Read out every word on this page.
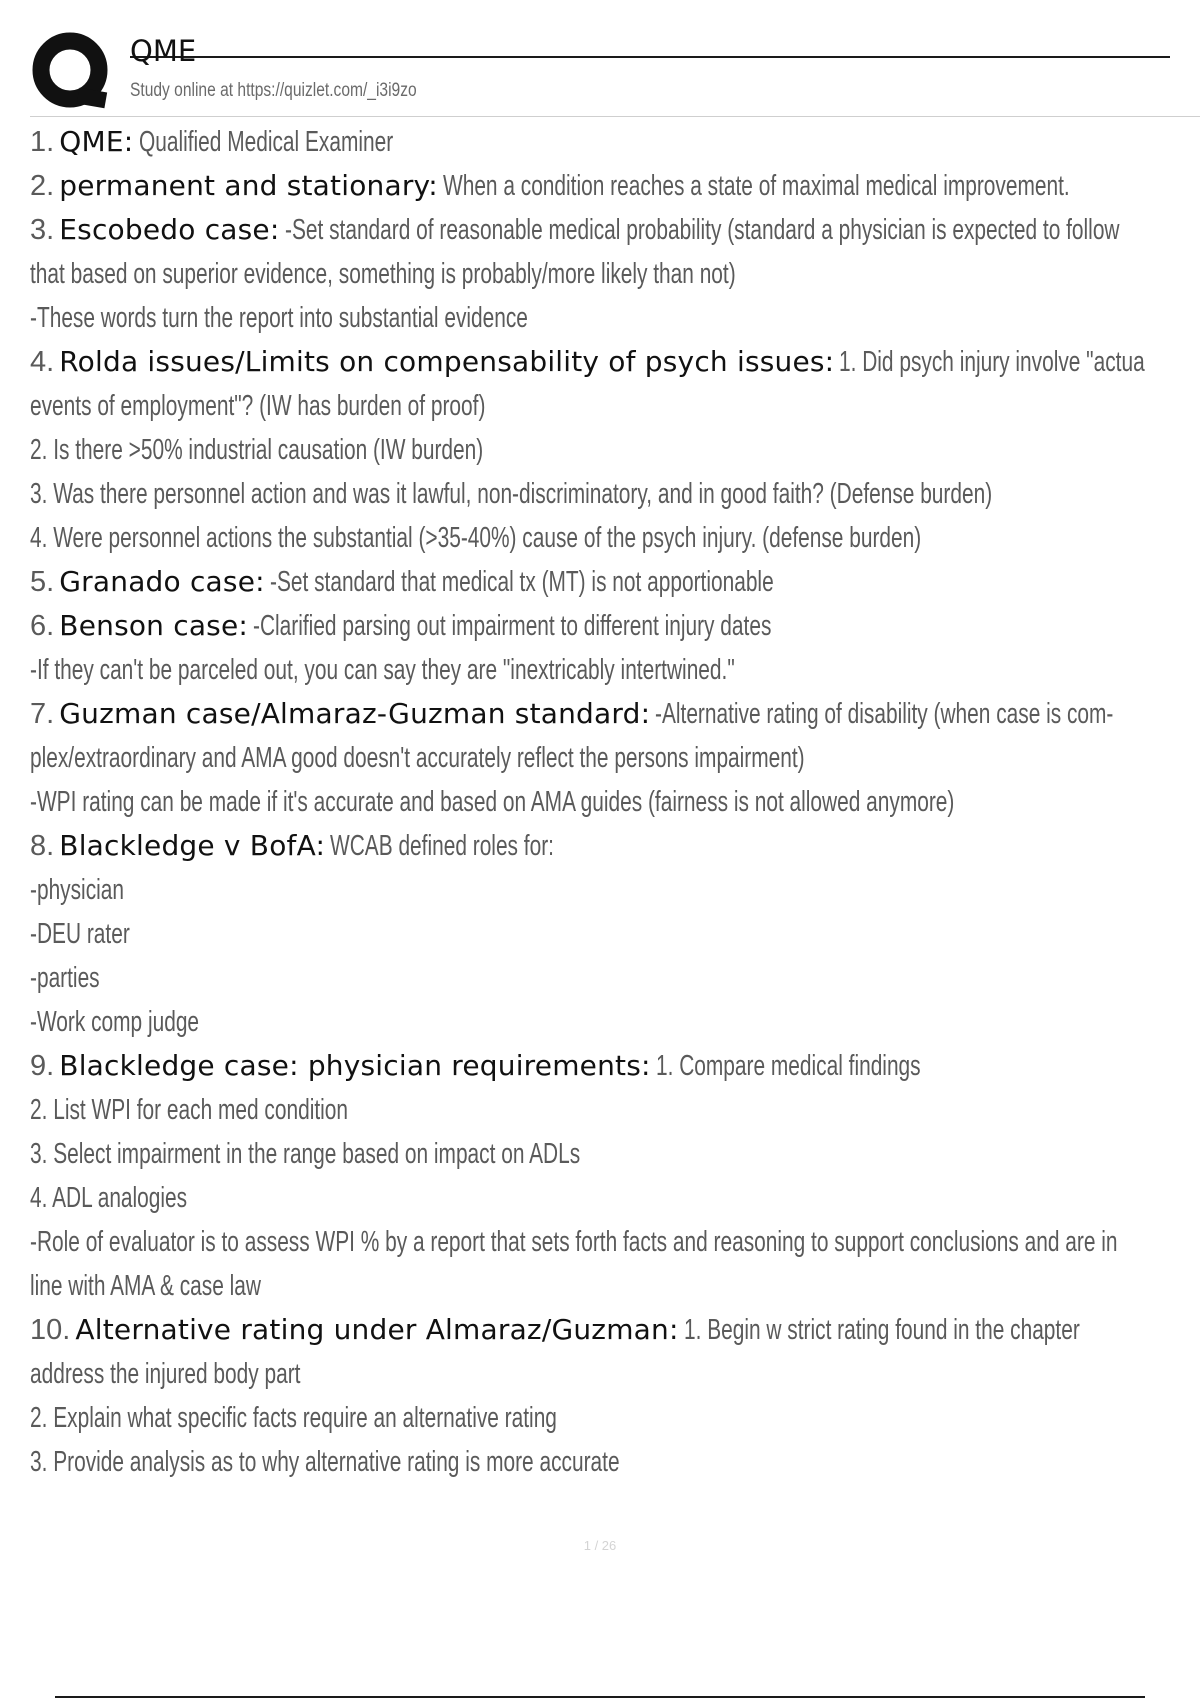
QME
Study online at https://quizlet.com/_i3i9zo
1. QME: Qualified Medical Examiner
2. permanent and stationary: When a condition reaches a state of maximal medical improvement.
3. Escobedo case: -Set standard of reasonable medical probability (standard a physician is expected to follow
that based on superior evidence, something is probably/more likely than not)
-These words turn the report into substantial evidence
4. Rolda issues/Limits on compensability of psych issues: 1. Did psych injury involve "actua
events of employment"? (IW has burden of proof)
2. Is there >50% industrial causation (IW burden)
3. Was there personnel action and was it lawful, non-discriminatory, and in good faith? (Defense burden)
4. Were personnel actions the substantial (>35-40%) cause of the psych injury. (defense burden)
5. Granado case: -Set standard that medical tx (MT) is not apportionable
6. Benson case: -Clarified parsing out impairment to different injury dates
-If they can't be parceled out, you can say they are "inextricably intertwined."
7. Guzman case/Almaraz-Guzman standard: -Alternative rating of disability (when case is com-
plex/extraordinary and AMA good doesn't accurately reflect the persons impairment)
-WPI rating can be made if it's accurate and based on AMA guides (fairness is not allowed anymore)
8. Blackledge v BofA: WCAB defined roles for:
-physician
-DEU rater
-parties
-Work comp judge
9. Blackledge case: physician requirements: 1. Compare medical findings
2. List WPI for each med condition
3. Select impairment in the range based on impact on ADLs
4. ADL analogies
-Role of evaluator is to assess WPI % by a report that sets forth facts and reasoning to support conclusions and are in
line with AMA & case law
10. Alternative rating under Almaraz/Guzman: 1. Begin w strict rating found in the chapter
address the injured body part
2. Explain what specific facts require an alternative rating
3. Provide analysis as to why alternative rating is more accurate
1 / 26
